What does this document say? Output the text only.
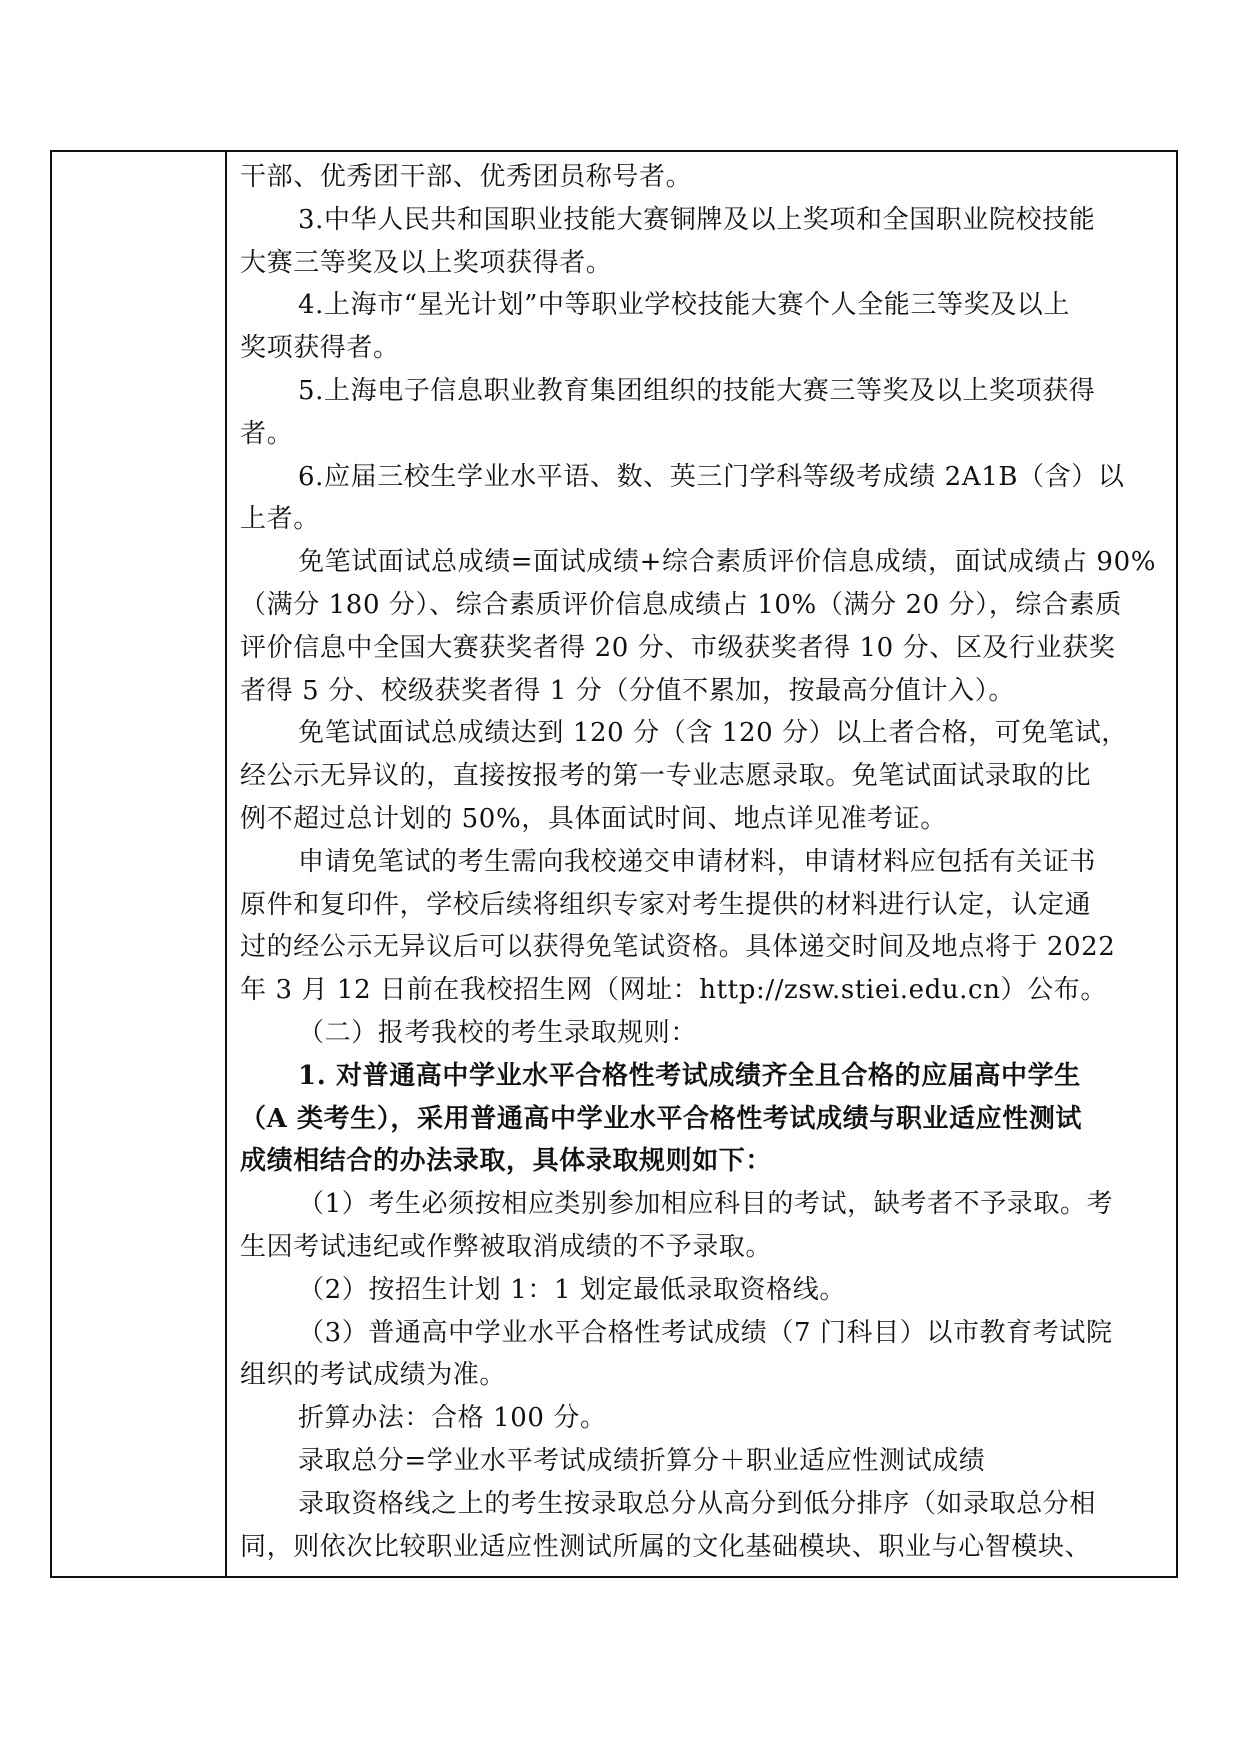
干部、优秀团干部、优秀团员称号者。
3.中华人民共和国职业技能大赛铜牌及以上奖项和全国职业院校技能
大赛三等奖及以上奖项获得者。
4.上海市“星光计划”中等职业学校技能大赛个人全能三等奖及以上
奖项获得者。
5.上海电子信息职业教育集团组织的技能大赛三等奖及以上奖项获得
者。
6.应届三校生学业水平语、数、英三门学科等级考成绩 2A1B（含）以
上者。
免笔试面试总成绩=面试成绩+综合素质评价信息成绩，面试成绩占 90%
（满分 180 分）、综合素质评价信息成绩占 10%（满分 20 分），综合素质
评价信息中全国大赛获奖者得 20 分、市级获奖者得 10 分、区及行业获奖
者得 5 分、校级获奖者得 1 分（分值不累加，按最高分值计入）。
免笔试面试总成绩达到 120 分（含 120 分）以上者合格，可免笔试，
经公示无异议的，直接按报考的第一专业志愿录取。免笔试面试录取的比
例不超过总计划的 50%，具体面试时间、地点详见准考证。
申请免笔试的考生需向我校递交申请材料，申请材料应包括有关证书
原件和复印件，学校后续将组织专家对考生提供的材料进行认定，认定通
过的经公示无异议后可以获得免笔试资格。具体递交时间及地点将于 2022
年 3 月 12 日前在我校招生网（网址：http://zsw.stiei.edu.cn）公布。
（二）报考我校的考生录取规则：
1. 对普通高中学业水平合格性考试成绩齐全且合格的应届高中学生
（A 类考生），采用普通高中学业水平合格性考试成绩与职业适应性测试
成绩相结合的办法录取，具体录取规则如下：
（1）考生必须按相应类别参加相应科目的考试，缺考者不予录取。考
生因考试违纪或作弊被取消成绩的不予录取。
（2）按招生计划 1：1 划定最低录取资格线。
（3）普通高中学业水平合格性考试成绩（7 门科目）以市教育考试院
组织的考试成绩为准。
折算办法：合格 100 分。
录取总分=学业水平考试成绩折算分＋职业适应性测试成绩
录取资格线之上的考生按录取总分从高分到低分排序（如录取总分相
同，则依次比较职业适应性测试所属的文化基础模块、职业与心智模块、
